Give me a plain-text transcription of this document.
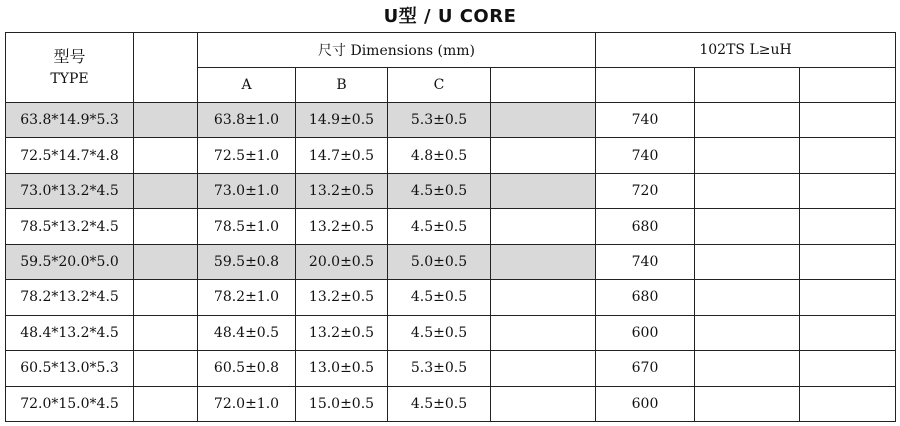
U型 / U CORE
型号
TYPE		尺寸 Dimensions (mm)				102TS L≥uH		
		A	B	C				
63.8*14.9*5.3		63.8±1.0	14.9±0.5	5.3±0.5		740		
72.5*14.7*4.8		72.5±1.0	14.7±0.5	4.8±0.5		740		
73.0*13.2*4.5		73.0±1.0	13.2±0.5	4.5±0.5		720		
78.5*13.2*4.5		78.5±1.0	13.2±0.5	4.5±0.5		680		
59.5*20.0*5.0		59.5±0.8	20.0±0.5	5.0±0.5		740		
78.2*13.2*4.5		78.2±1.0	13.2±0.5	4.5±0.5		680		
48.4*13.2*4.5		48.4±0.5	13.2±0.5	4.5±0.5		600		
60.5*13.0*5.3		60.5±0.8	13.0±0.5	5.3±0.5		670		
72.0*15.0*4.5		72.0±1.0	15.0±0.5	4.5±0.5		600		
